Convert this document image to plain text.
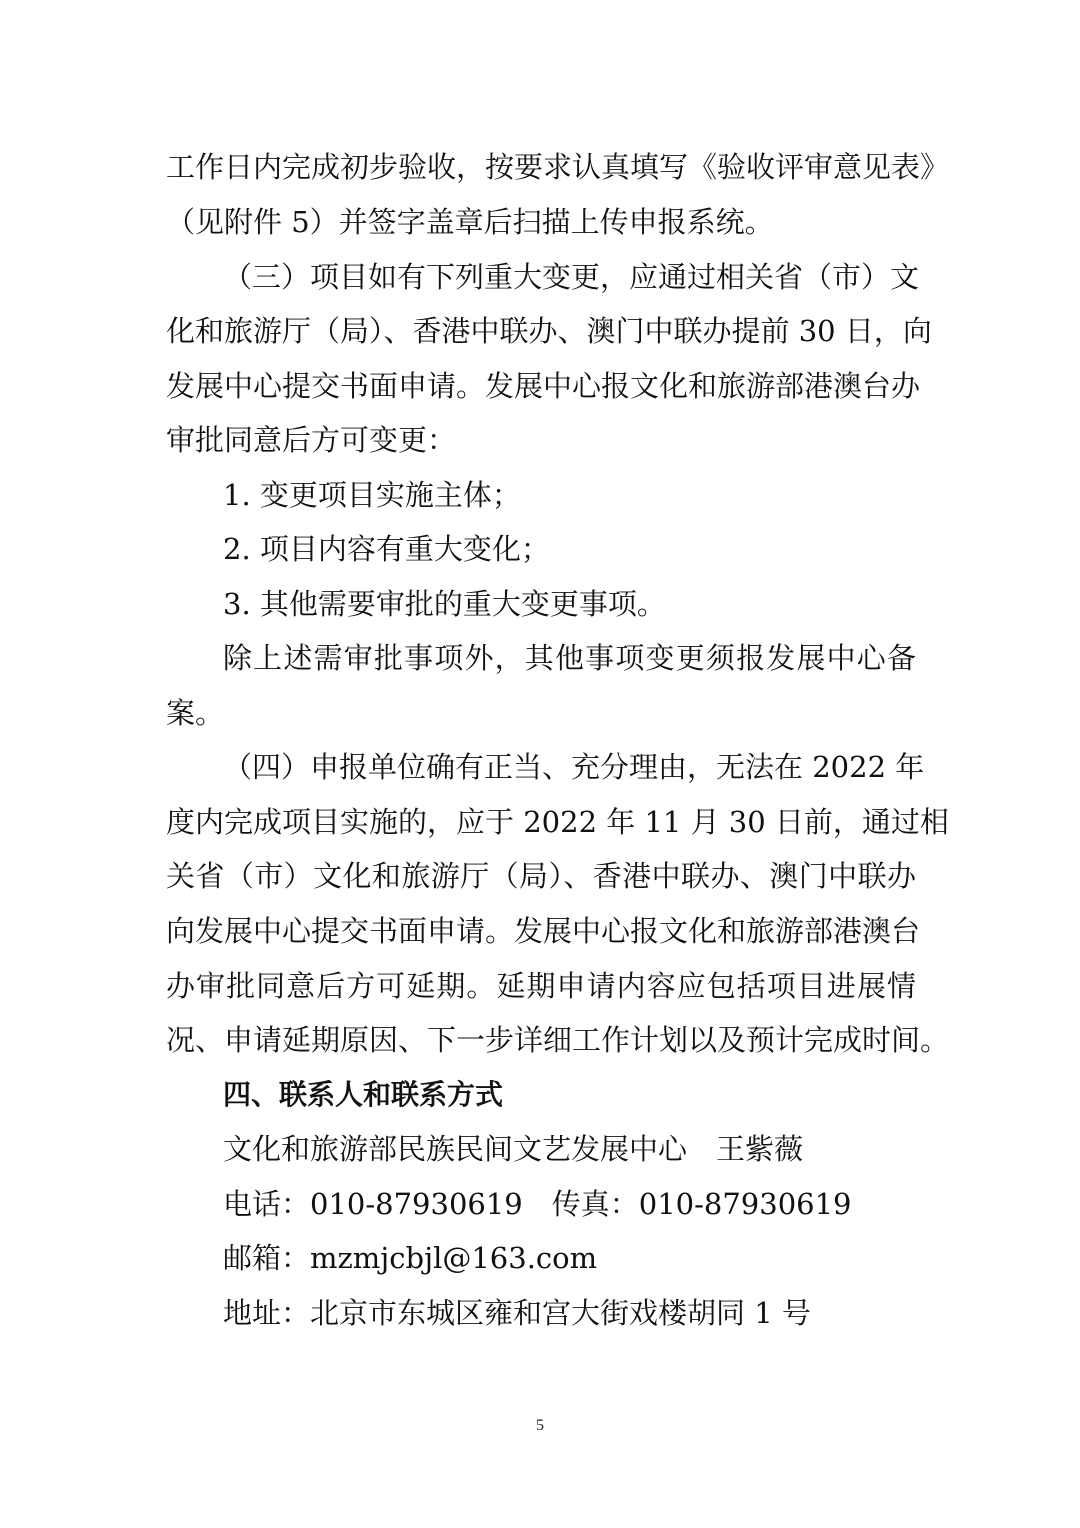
工作日内完成初步验收，按要求认真填写《验收评审意见表》
（见附件 5）并签字盖章后扫描上传申报系统。
（三）项目如有下列重大变更，应通过相关省（市）文
化和旅游厅（局）、香港中联办、澳门中联办提前 30 日，向
发展中心提交书面申请。发展中心报文化和旅游部港澳台办
审批同意后方可变更：
1. 变更项目实施主体；
2. 项目内容有重大变化；
3. 其他需要审批的重大变更事项。
除上述需审批事项外，其他事项变更须报发展中心备
案。
（四）申报单位确有正当、充分理由，无法在 2022 年
度内完成项目实施的，应于 2022 年 11 月 30 日前，通过相
关省（市）文化和旅游厅（局）、香港中联办、澳门中联办
向发展中心提交书面申请。发展中心报文化和旅游部港澳台
办审批同意后方可延期。延期申请内容应包括项目进展情
况、申请延期原因、下一步详细工作计划以及预计完成时间。
四、联系人和联系方式
文化和旅游部民族民间文艺发展中心　王紫薇
电话：010-87930619　传真：010-87930619
邮箱：mzmjcbjl@163.com
地址：北京市东城区雍和宫大街戏楼胡同 1 号
5
